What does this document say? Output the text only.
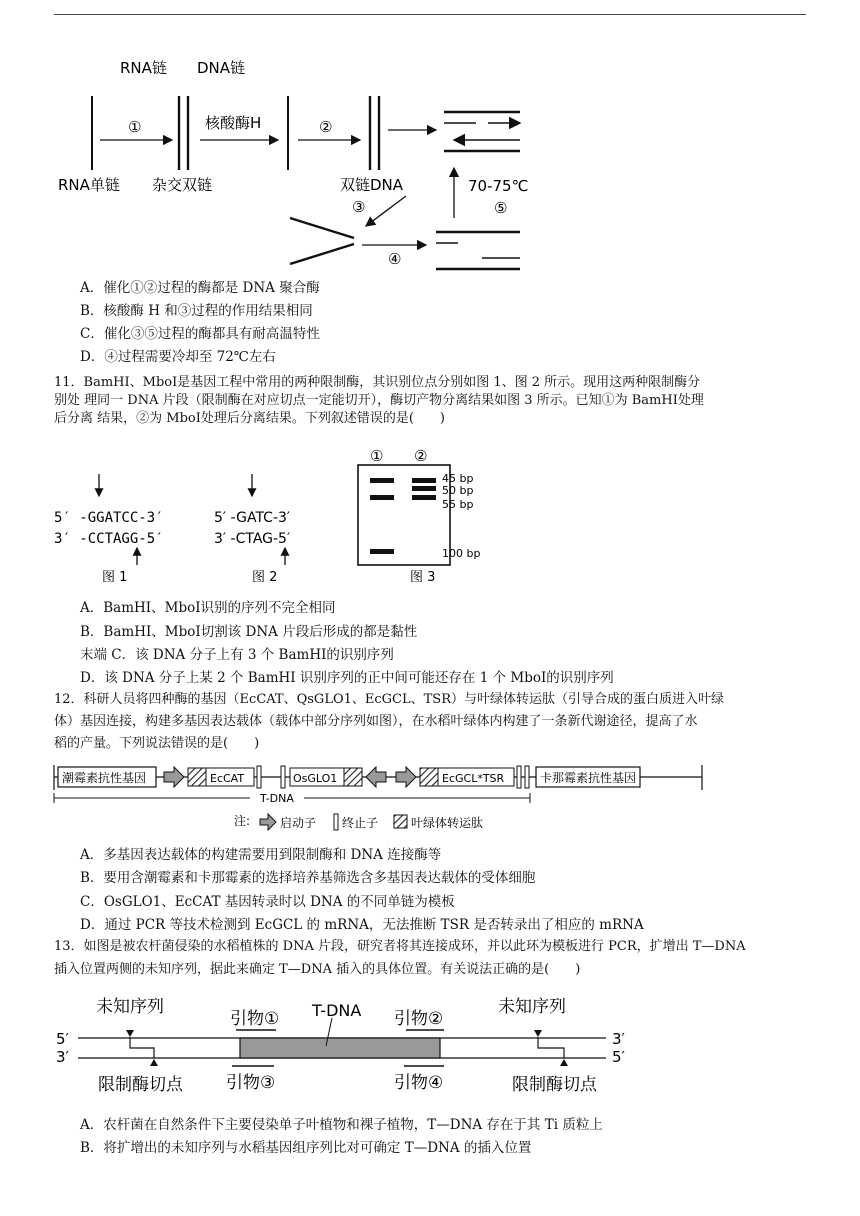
RNA链 DNA链
①	核酸酶H	②
RNA单链 杂交双链	双链DNA
③
④
70-75℃
⑤
A．催化①②过程的酶都是 DNA 聚合酶
B．核酸酶 H 和③过程的作用结果相同
C．催化③⑤过程的酶都具有耐高温特性
D．④过程需要冷却至 72℃左右
11．BamHⅠ、MboⅠ是基因工程中常用的两种限制酶，其识别位点分别如图 1、图 2 所示。现用这两种限制酶分
别处 理同一 DNA 片段（限制酶在对应切点一定能切开），酶切产物分离结果如图 3 所示。已知①为 BamHⅠ处理
后分离 结果，②为 MboⅠ处理后分离结果。下列叙述错误的是(　　)
5′ -GGATCC-3′
3′ -CCTAGG-5′
图 1
5′ -GATC-3′
3′ -CTAG-5′
图 2
① ②
45 bp
50 bp
55 bp
100 bp
图 3
A．BamHⅠ、MboⅠ识别的序列不完全相同
B．BamHⅠ、MboⅠ切割该 DNA 片段后形成的都是黏性
末端 C．该 DNA 分子上有 3 个 BamHⅠ的识别序列
D．该 DNA 分子上某 2 个 BamHI 识别序列的正中间可能还存在 1 个 MboⅠ的识别序列
12．科研人员将四种酶的基因（EcCAT、QsGLO1、EcGCL、TSR）与叶绿体转运肽（引导合成的蛋白质进入叶绿
体）基因连接，构建多基因表达载体（载体中部分序列如图），在水稻叶绿体内构建了一条新代谢途径，提高了水
稻的产量。下列说法错误的是(　　)
潮霉素抗性基因	EcCAT	OsGLO1	EcGCL*TSR	卡那霉素抗性基因
T-DNA
注: 启动子 终止子	叶绿体转运肽
A．多基因表达载体的构建需要用到限制酶和 DNA 连接酶等
B．要用含潮霉素和卡那霉素的选择培养基筛选含多基因表达载体的受体细胞
C．OsGLO1、EcCAT 基因转录时以 DNA 的不同单链为模板
D．通过 PCR 等技术检测到 EcGCL 的 mRNA，无法推断 TSR 是否转录出了相应的 mRNA
13．如图是被农杆菌侵染的水稻植株的 DNA 片段，研究者将其连接成环，并以此环为模板进行 PCR，扩增出 T—DNA
插入位置两侧的未知序列，据此来确定 T—DNA 插入的具体位置。有关说法正确的是(　　)
未知序列	未知序列
引物①	引物②
T-DNA
5′
3′
3′
5′
引物③	引物④
限制酶切点	限制酶切点
A．农杆菌在自然条件下主要侵染单子叶植物和裸子植物，T—DNA 存在于其 Ti 质粒上
B．将扩增出的未知序列与水稻基因组序列比对可确定 T—DNA 的插入位置
